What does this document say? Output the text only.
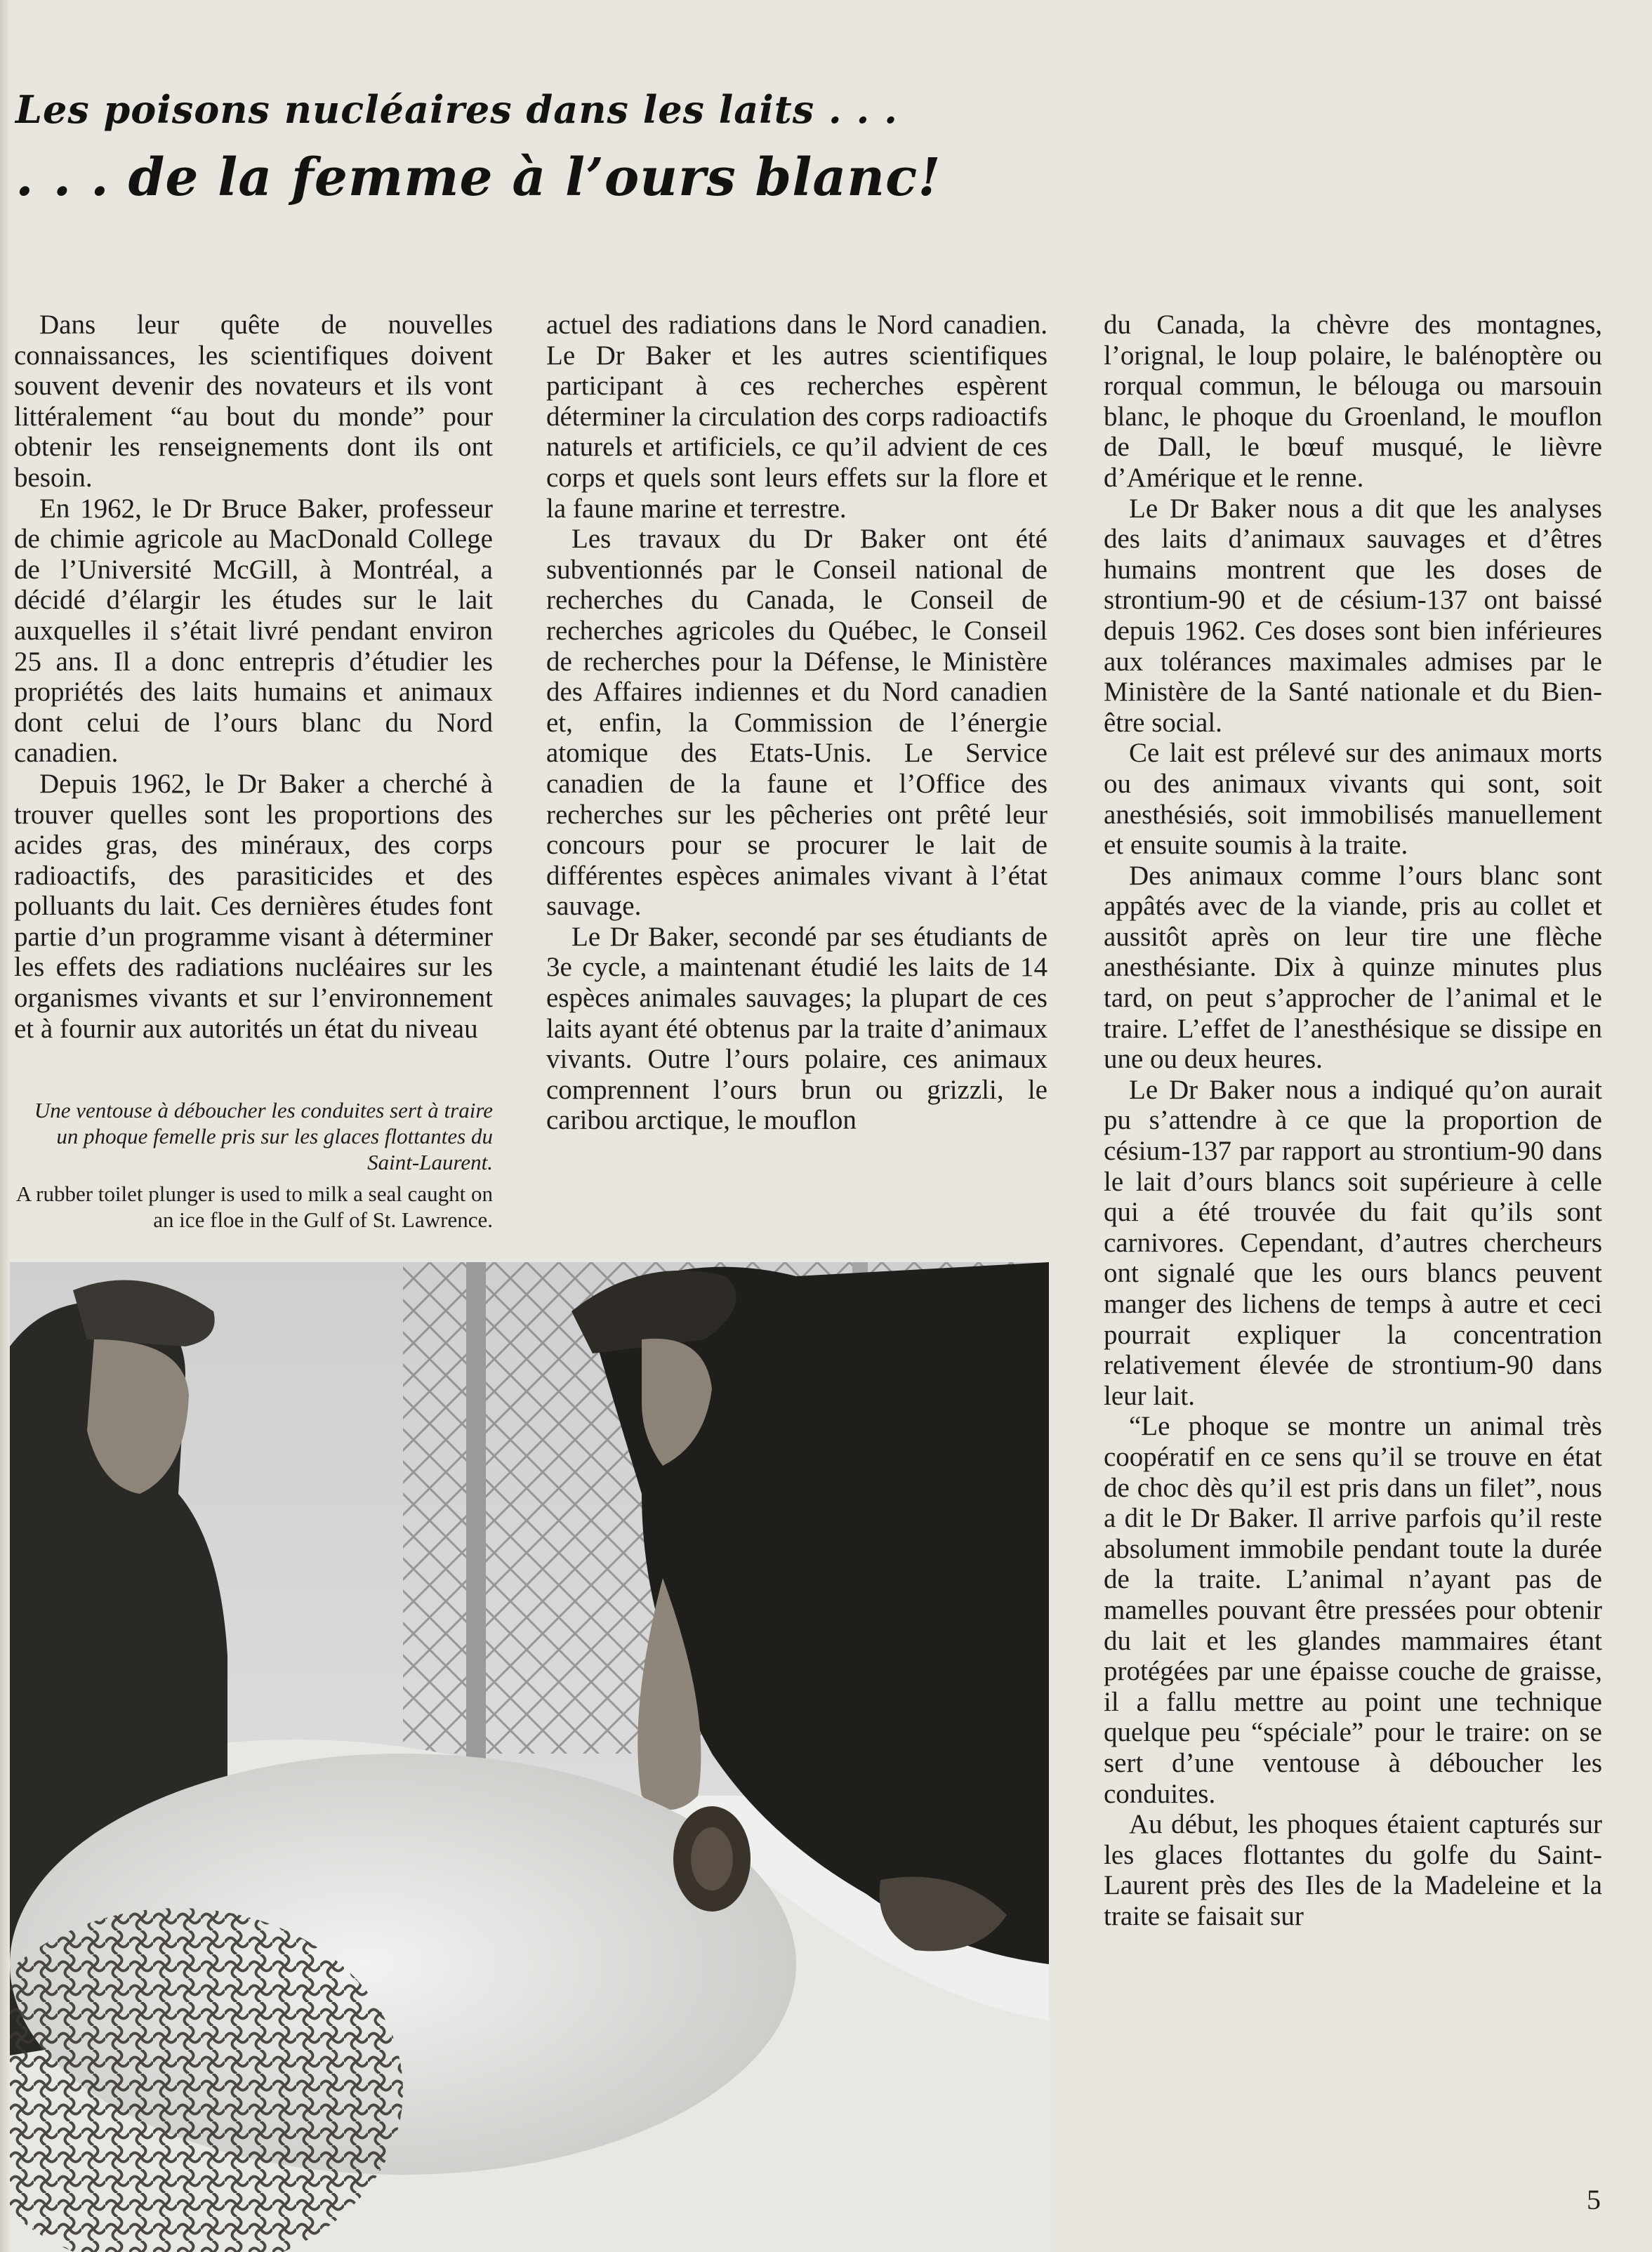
Les poisons nucléaires dans les laits . . .
. . . de la femme à l’ours blanc!

Dans leur quête de nouvelles connaissances, les scientifiques doivent souvent devenir des novateurs et ils vont littéralement “au bout du monde” pour obtenir les renseignements dont ils ont besoin.

En 1962, le Dr Bruce Baker, professeur de chimie agricole au MacDonald College de l’Université McGill, à Montréal, a décidé d’élargir les études sur le lait auxquelles il s’était livré pendant environ 25 ans. Il a donc entrepris d’étudier les propriétés des laits humains et animaux dont celui de l’ours blanc du Nord canadien.

Depuis 1962, le Dr Baker a cherché à trouver quelles sont les proportions des acides gras, des minéraux, des corps radioactifs, des parasiticides et des polluants du lait. Ces dernières études font partie d’un programme visant à déterminer les effets des radiations nucléaires sur les organismes vivants et sur l’environnement et à fournir aux autorités un état du niveau

Une ventouse à déboucher les conduites sert à traire un phoque femelle pris sur les glaces flottantes du Saint-Laurent.
A rubber toilet plunger is used to milk a seal caught on an ice floe in the Gulf of St. Lawrence.

actuel des radiations dans le Nord canadien. Le Dr Baker et les autres scientifiques participant à ces recherches espèrent déterminer la circulation des corps radioactifs naturels et artificiels, ce qu’il advient de ces corps et quels sont leurs effets sur la flore et la faune marine et terrestre.

Les travaux du Dr Baker ont été subventionnés par le Conseil national de recherches du Canada, le Conseil de recherches agricoles du Québec, le Conseil de recherches pour la Défense, le Ministère des Affaires indiennes et du Nord canadien et, enfin, la Commission de l’énergie atomique des Etats-Unis. Le Service canadien de la faune et l’Office des recherches sur les pêcheries ont prêté leur concours pour se procurer le lait de différentes espèces animales vivant à l’état sauvage.

Le Dr Baker, secondé par ses étudiants de 3e cycle, a maintenant étudié les laits de 14 espèces animales sauvages; la plupart de ces laits ayant été obtenus par la traite d’animaux vivants. Outre l’ours polaire, ces animaux comprennent l’ours brun ou grizzli, le caribou arctique, le mouflon

du Canada, la chèvre des montagnes, l’orignal, le loup polaire, le balénoptère ou rorqual commun, le bélouga ou marsouin blanc, le phoque du Groenland, le mouflon de Dall, le bœuf musqué, le lièvre d’Amérique et le renne.

Le Dr Baker nous a dit que les analyses des laits d’animaux sauvages et d’êtres humains montrent que les doses de strontium-90 et de césium-137 ont baissé depuis 1962. Ces doses sont bien inférieures aux tolérances maximales admises par le Ministère de la Santé nationale et du Bien-être social.

Ce lait est prélevé sur des animaux morts ou des animaux vivants qui sont, soit anesthésiés, soit immobilisés manuellement et ensuite soumis à la traite.

Des animaux comme l’ours blanc sont appâtés avec de la viande, pris au collet et aussitôt après on leur tire une flèche anesthésiante. Dix à quinze minutes plus tard, on peut s’approcher de l’animal et le traire. L’effet de l’anesthésique se dissipe en une ou deux heures.

Le Dr Baker nous a indiqué qu’on aurait pu s’attendre à ce que la proportion de césium-137 par rapport au strontium-90 dans le lait d’ours blancs soit supérieure à celle qui a été trouvée du fait qu’ils sont carnivores. Cependant, d’autres chercheurs ont signalé que les ours blancs peuvent manger des lichens de temps à autre et ceci pourrait expliquer la concentration relativement élevée de strontium-90 dans leur lait.

“Le phoque se montre un animal très coopératif en ce sens qu’il se trouve en état de choc dès qu’il est pris dans un filet”, nous a dit le Dr Baker. Il arrive parfois qu’il reste absolument immobile pendant toute la durée de la traite. L’animal n’ayant pas de mamelles pouvant être pressées pour obtenir du lait et les glandes mammaires étant protégées par une épaisse couche de graisse, il a fallu mettre au point une technique quelque peu “spéciale” pour le traire: on se sert d’une ventouse à déboucher les conduites.

Au début, les phoques étaient capturés sur les glaces flottantes du golfe du Saint-Laurent près des Iles de la Madeleine et la traite se faisait sur

5
